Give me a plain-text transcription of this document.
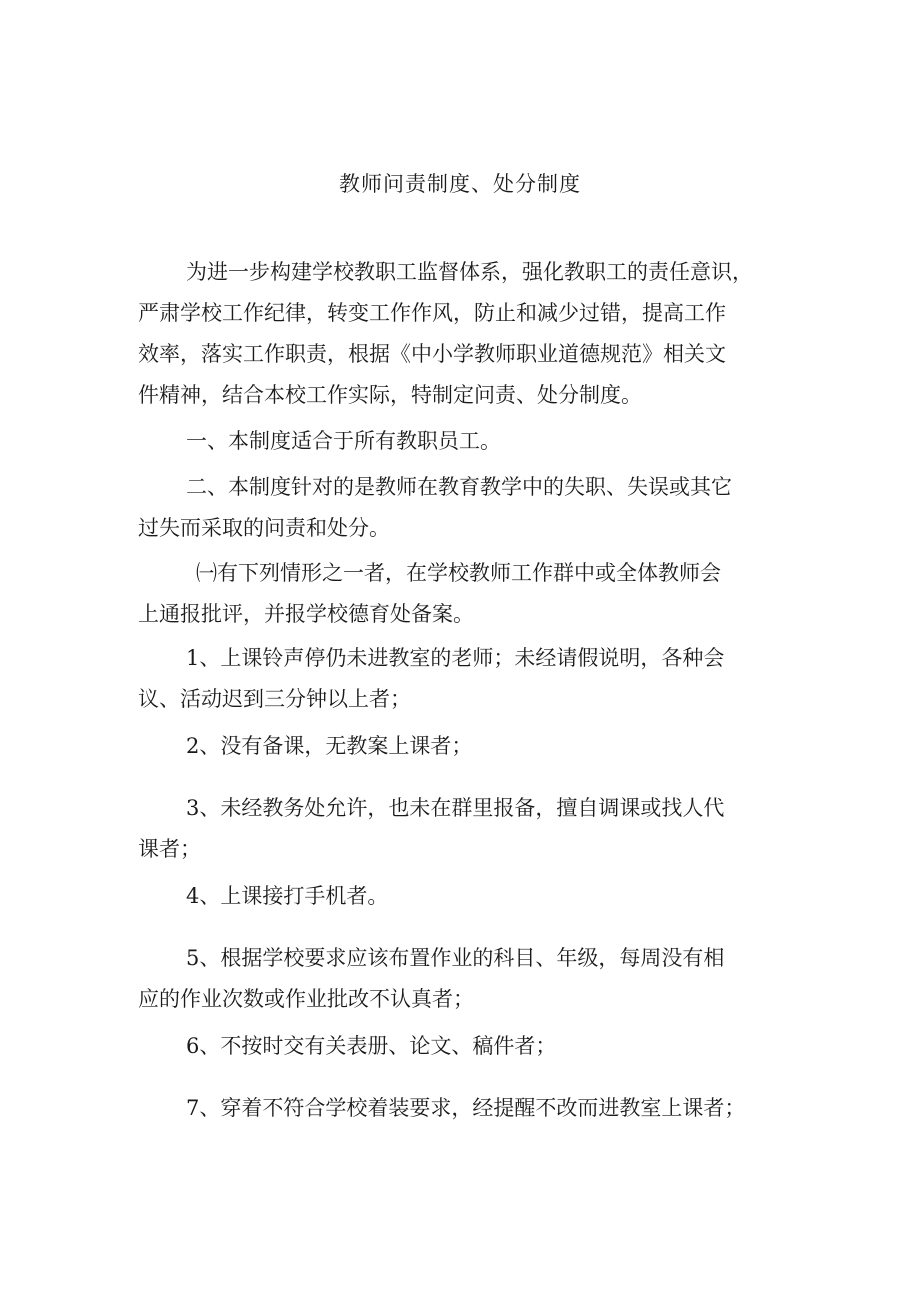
教师问责制度、处分制度

为进一步构建学校教职工监督体系，强化教职工的责任意识，
严肃学校工作纪律，转变工作作风，防止和减少过错，提高工作
效率，落实工作职责，根据《中小学教师职业道德规范》相关文
件精神，结合本校工作实际，特制定问责、处分制度。

一、本制度适合于所有教职员工。

二、本制度针对的是教师在教育教学中的失职、失误或其它
过失而采取的问责和处分。

㈠有下列情形之一者，在学校教师工作群中或全体教师会
上通报批评，并报学校德育处备案。

1、上课铃声停仍未进教室的老师；未经请假说明，各种会
议、活动迟到三分钟以上者；

2、没有备课，无教案上课者；

3、未经教务处允许，也未在群里报备，擅自调课或找人代
课者；

4、上课接打手机者。

5、根据学校要求应该布置作业的科目、年级，每周没有相
应的作业次数或作业批改不认真者；

6、不按时交有关表册、论文、稿件者；

7、穿着不符合学校着装要求，经提醒不改而进教室上课者；
